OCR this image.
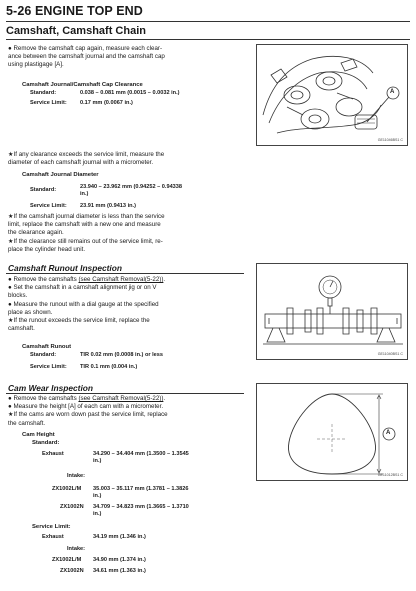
5-26 ENGINE TOP END
Camshaft, Camshaft Chain
● Remove the camshaft cap again, measure each clear-
ance between the camshaft journal and the camshaft cap
using plastigage [A].
Camshaft Journal/Camshaft Cap Clearance
Standard:	0.038 – 0.081 mm (0.0015 – 0.0032 in.)
Service Limit: 0.17 mm (0.0067 in.)
A
GE11046BS1 C
★If any clearance exceeds the service limit, measure the
diameter of each camshaft journal with a micrometer.
Camshaft Journal Diameter
Standard:	23.940 – 23.962 mm (0.94252 – 0.94338
in.)
Service Limit: 23.91 mm (0.9413 in.)
★If the camshaft journal diameter is less than the service
limit, replace the camshaft with a new one and measure
the clearance again.
★If the clearance still remains out of the service limit, re-
place the cylinder head unit.
Camshaft Runout Inspection
● Remove the camshafts (see Camshaft Removal(5-22)).
● Set the camshaft in a camshaft alignment jig or on V
blocks.
● Measure the runout with a dial gauge at the specified
place as shown.
★If the runout exceeds the service limit, replace the
camshaft.
Camshaft Runout
Standard:	TIR 0.02 mm (0.0008 in.) or less
Service Limit: TIR 0.1 mm (0.004 in.)
GE11040BS1 C
Cam Wear Inspection
● Remove the camshafts (see Camshaft Removal(5-22)).
● Measure the height [A] of each cam with a micrometer.
★If the cams are worn down past the service limit, replace
the camshaft.
Cam Height
Standard:
Exhaust	34.290 – 34.404 mm (1.3500 – 1.3545
in.)
Intake:
ZX1002L/M 35.003 – 35.117 mm (1.3781 – 1.3826
in.)
ZX1002N 34.709 – 34.823 mm (1.3665 – 1.3710
in.)
Service Limit:
Exhaust	34.19 mm (1.346 in.)
Intake:
ZX1002L/M 34.90 mm (1.374 in.)
ZX1002N 34.61 mm (1.363 in.)
A
GE11012BS1 C
